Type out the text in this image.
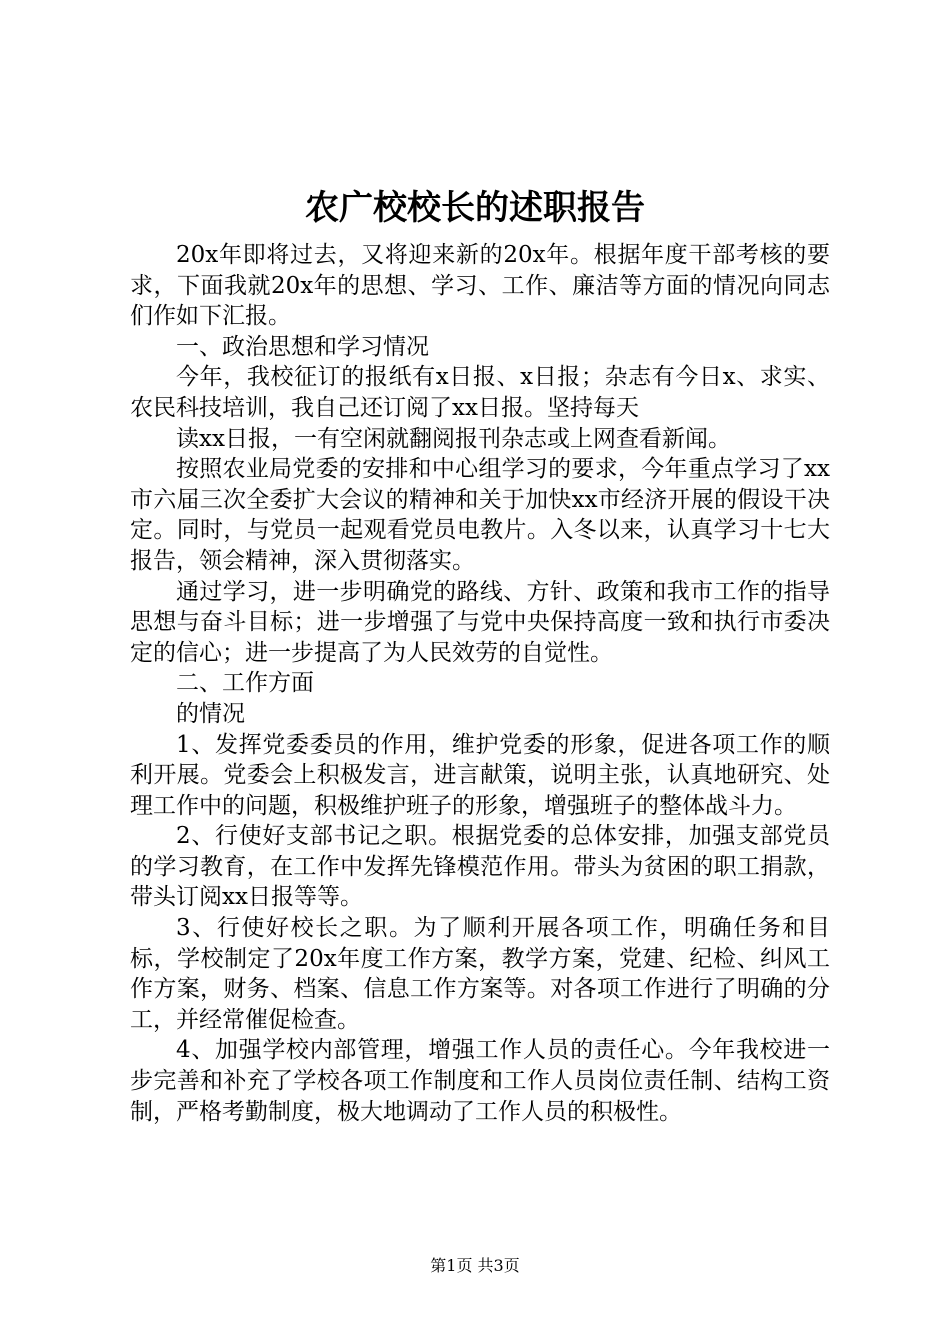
农广校校长的述职报告

20x年即将过去，又将迎来新的20x年。根据年度干部考核的要求，下面我就20x年的思想、学习、工作、廉洁等方面的情况向同志们作如下汇报。

一、政治思想和学习情况

今年，我校征订的报纸有x日报、x日报；杂志有今日x、求实、农民科技培训，我自己还订阅了xx日报。坚持每天

读xx日报，一有空闲就翻阅报刊杂志或上网查看新闻。

按照农业局党委的安排和中心组学习的要求，今年重点学习了xx市六届三次全委扩大会议的精神和关于加快xx市经济开展的假设干决定。同时，与党员一起观看党员电教片。入冬以来，认真学习十七大报告，领会精神，深入贯彻落实。

通过学习，进一步明确党的路线、方针、政策和我市工作的指导思想与奋斗目标；进一步增强了与党中央保持高度一致和执行市委决定的信心；进一步提高了为人民效劳的自觉性。

二、工作方面

的情况

1、发挥党委委员的作用，维护党委的形象，促进各项工作的顺利开展。党委会上积极发言，进言献策，说明主张，认真地研究、处理工作中的问题，积极维护班子的形象，增强班子的整体战斗力。

2、行使好支部书记之职。根据党委的总体安排，加强支部党员的学习教育，在工作中发挥先锋模范作用。带头为贫困的职工捐款，带头订阅xx日报等等。

3、行使好校长之职。为了顺利开展各项工作，明确任务和目标，学校制定了20x年度工作方案，教学方案，党建、纪检、纠风工作方案，财务、档案、信息工作方案等。对各项工作进行了明确的分工，并经常催促检查。

4、加强学校内部管理，增强工作人员的责任心。今年我校进一步完善和补充了学校各项工作制度和工作人员岗位责任制、结构工资制，严格考勤制度，极大地调动了工作人员的积极性。

第1页 共3页
